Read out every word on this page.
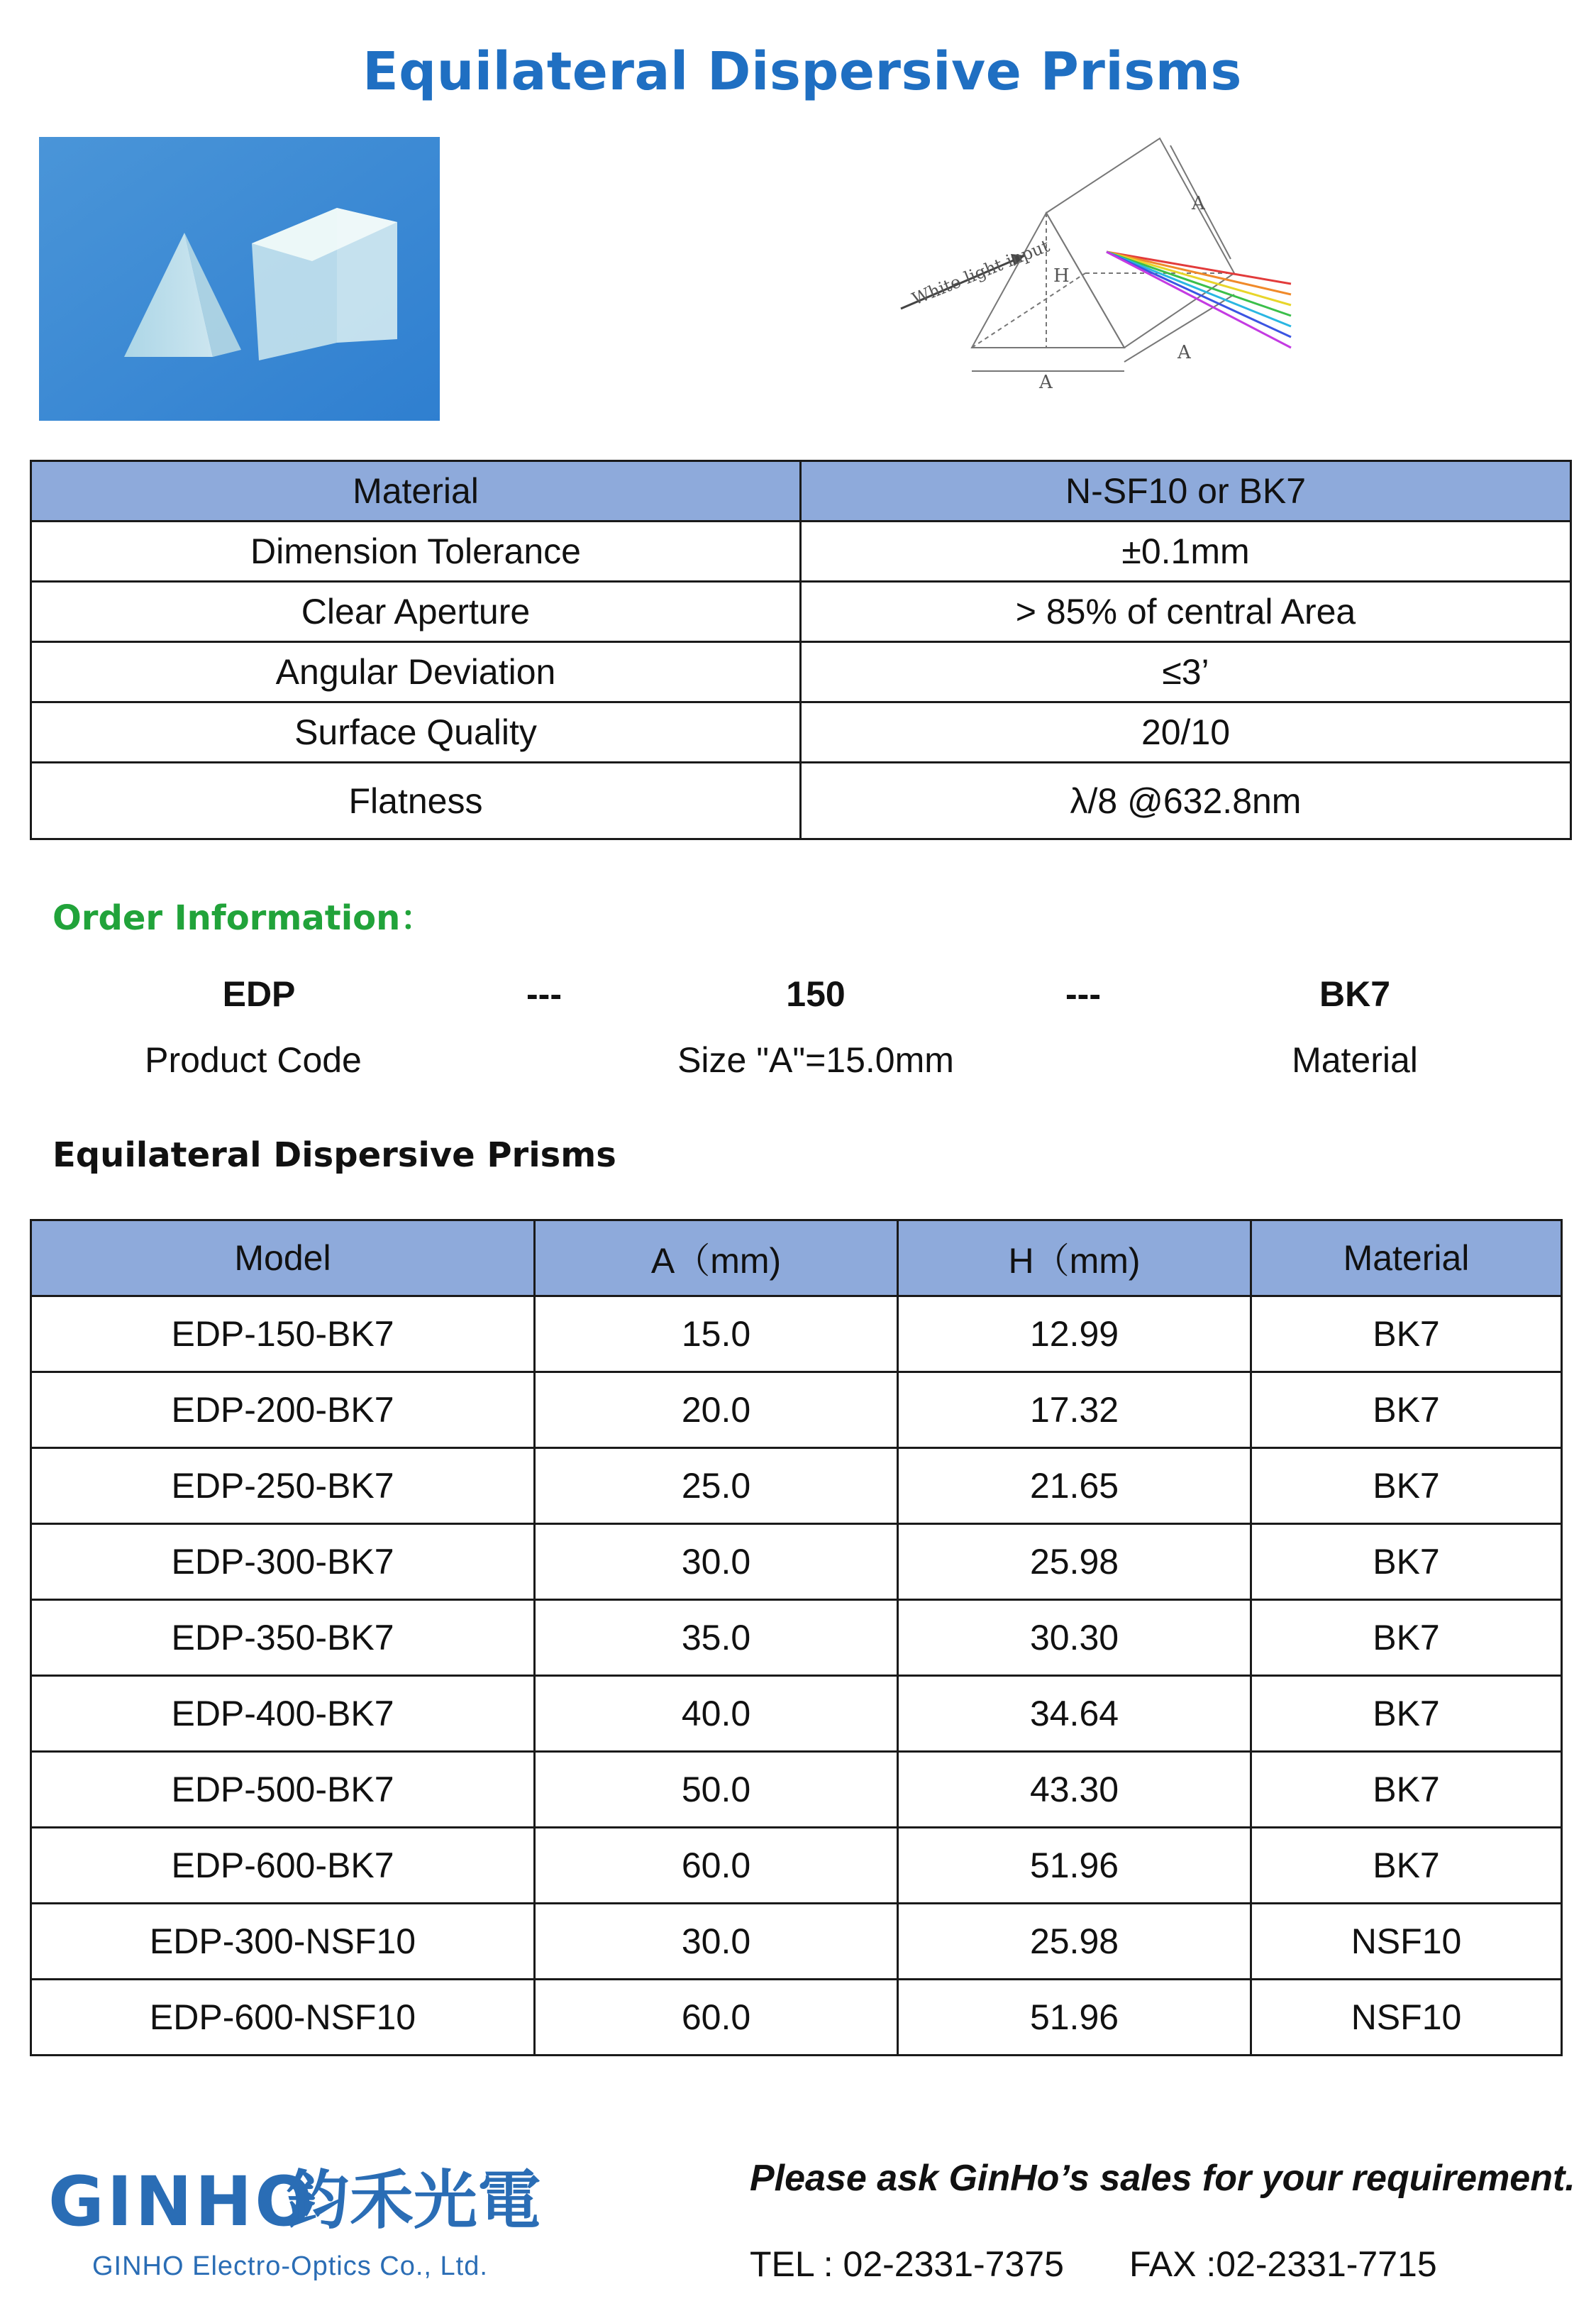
Equilateral Dispersive Prisms
White light input H
A
A
A
Material	N-SF10 or BK7
Dimension Tolerance	±0.1mm
Clear Aperture	> 85% of central Area
Angular Deviation	≤3’
Surface Quality	20/10
Flatness	λ/8 @632.8nm
Order Information：
EDP	---	150	---	BK7
Product Code	Size "A"=15.0mm	Material
Equilateral Dispersive Prisms
Model	A（mm)	H（mm)	Material
EDP-150-BK7	15.0	12.99	BK7
EDP-200-BK7	20.0	17.32	BK7
EDP-250-BK7	25.0	21.65	BK7
EDP-300-BK7	30.0	25.98	BK7
EDP-350-BK7	35.0	30.30	BK7
EDP-400-BK7	40.0	34.64	BK7
EDP-500-BK7	50.0	43.30	BK7
EDP-600-BK7	60.0	51.96	BK7
EDP-300-NSF10	30.0	25.98	NSF10
EDP-600-NSF10	60.0	51.96	NSF10
GINHO
鈞禾光電
GINHO Electro-Optics Co., Ltd.
Please ask GinHo’s sales for your requirement.
TEL : 02-2331-7375 FAX :02-2331-7715
